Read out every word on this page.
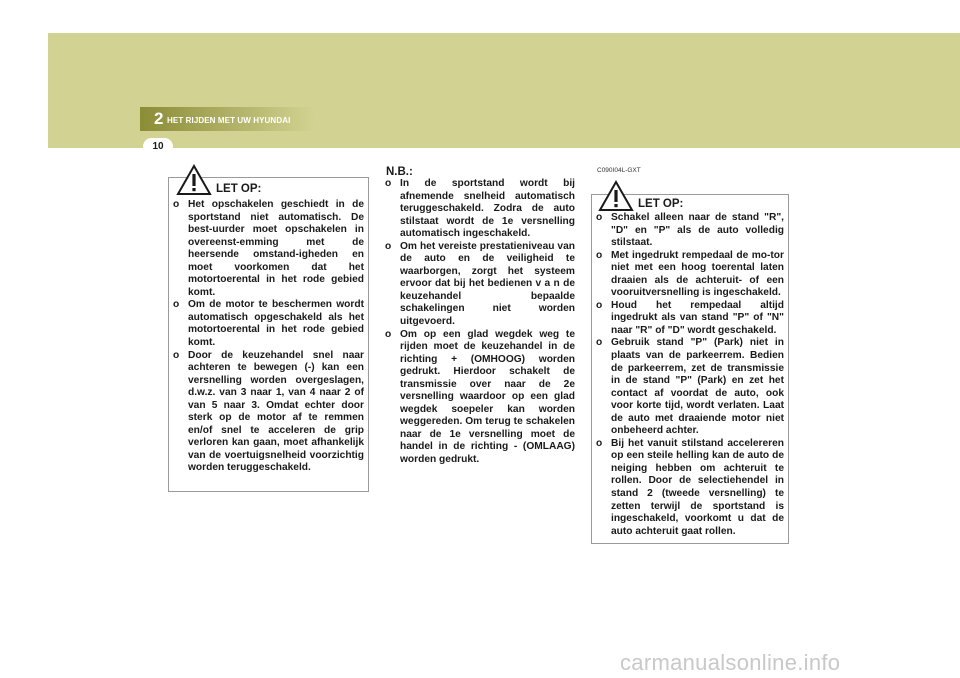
2 HET RIJDEN MET UW HYUNDAI
10
LET OP:
o Het opschakelen geschiedt in de sportstand niet automatisch. De best-uurder moet opschakelen in overeenst-emming met de heersende omstand-igheden en moet voorkomen dat het motortoerental in het rode gebied komt.
o Om de motor te beschermen wordt automatisch opgeschakeld als het motortoerental in het rode gebied komt.
o Door de keuzehandel snel naar achteren te bewegen (-) kan een versnelling worden overgeslagen, d.w.z. van 3 naar 1, van 4 naar 2 of van 5 naar 3. Omdat echter door sterk op de motor af te remmen en/of snel te acceleren de grip verloren kan gaan, moet afhankelijk van de voertuigsnelheid voorzichtig worden teruggeschakeld.
N.B.:
o In de sportstand wordt bij afnemende snelheid automatisch teruggeschakeld. Zodra de auto stilstaat wordt de 1e versnelling automatisch ingeschakeld.
o Om het vereiste prestatieniveau van de auto en de veiligheid te waarborgen, zorgt het systeem ervoor dat bij het bedienen v a n de keuzehandel bepaalde schakelingen niet worden uitgevoerd.
o Om op een glad wegdek weg te rijden moet de keuzehandel in de richting + (OMHOOG) worden gedrukt. Hierdoor schakelt de transmissie over naar de 2e versnelling waardoor op een glad wegdek soepeler kan worden weggereden. Om terug te schakelen naar de 1e versnelling moet de handel in de richting - (OMLAAG) worden gedrukt.
C090I04L-GXT
LET OP:
o Schakel alleen naar de stand "R", "D" en "P" als de auto volledig stilstaat.
o Met ingedrukt rempedaal de mo-tor niet met een hoog toerental laten draaien als de achteruit- of een vooruitversnelling is ingeschakeld.
o Houd het rempedaal altijd ingedrukt als van stand "P" of "N" naar "R" of "D" wordt geschakeld.
o Gebruik stand "P" (Park) niet in plaats van de parkeerrem. Bedien de parkeerrem, zet de transmissie in de stand "P" (Park) en zet het contact af voordat de auto, ook voor korte tijd, wordt verlaten. Laat de auto met draaiende motor niet onbeheerd achter.
o Bij het vanuit stilstand accelereren op een steile helling kan de auto de neiging hebben om achteruit te rollen. Door de selectiehendel in stand 2 (tweede versnelling) te zetten terwijl de sportstand is ingeschakeld, voorkomt u dat de auto achteruit gaat rollen.
carmanualsonline.info
